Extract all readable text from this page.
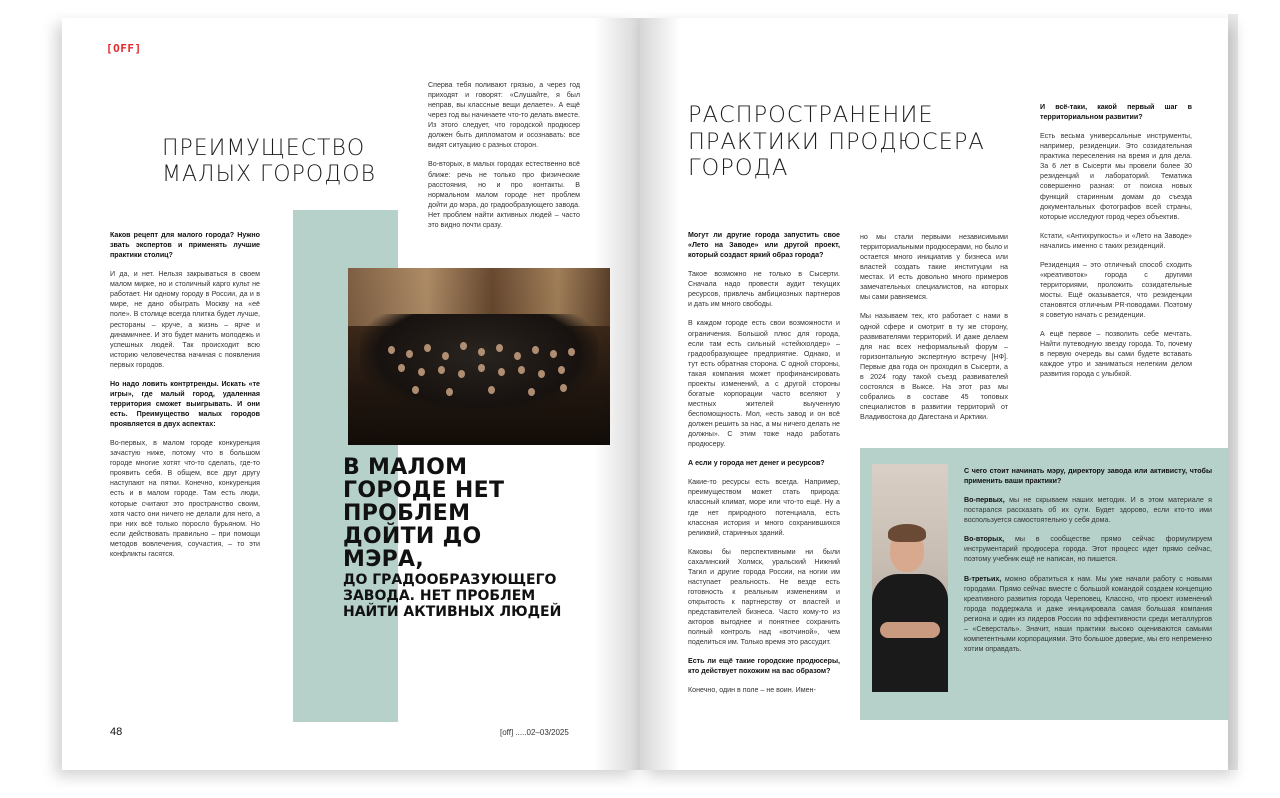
[OFF]
ПРЕИМУЩЕСТВО МАЛЫХ ГОРОДОВ

Каков рецепт для малого города? Нужно звать экспертов и применять лучшие практики столиц?

И да, и нет. Нельзя закрываться в своем малом мирке, но и столичный карго культ не работает. Ни одному городу в России, да и в мире, не дано обыграть Москву на «её поле». В столице всегда плитка будет лучше, рестораны – круче, а жизнь – ярче и динамичнее. И это будет манить молодежь и успешных людей. Так происходит всю историю человечества начиная с появления первых городов.

Но надо ловить контртренды. Искать «те игры», где малый город, удаленная территория сможет выигрывать. И они есть. Преимущество малых городов проявляется в двух аспектах:

Во-первых, в малом городе конкуренция зачастую ниже, потому что в большом городе многие хотят что-то сделать, где-то проявить себя. В общем, все друг другу наступают на пятки. Конечно, конкуренция есть и в малом городе. Там есть люди, которые считают это пространство своим, хотя часто они ничего не делали для него, а при них всё только поросло бурьяном. Но если действовать правильно – при помощи методов вовлечения, соучастия, – то эти конфликты гасятся.

Сперва тебя поливают грязью, а через год приходят и говорят: «Слушайте, я был неправ, вы классные вещи делаете». А ещё через год вы начинаете что-то делать вместе. Из этого следует, что городской продюсер должен быть дипломатом и осознавать: все видят ситуацию с разных сторон.

Во-вторых, в малых городах естественно всё ближе: речь не только про физические расстояния, но и про контакты. В нормальном малом городе нет проблем дойти до мэра, до градообразующего завода. Нет проблем найти активных людей – часто это видно почти сразу.

В МАЛОМ ГОРОДЕ НЕТ ПРОБЛЕМ ДОЙТИ ДО МЭРА,
ДО ГРАДООБРАЗУЮЩЕГО ЗАВОДА. НЕТ ПРОБЛЕМ НАЙТИ АКТИВНЫХ ЛЮДЕЙ
48	[off] .....02–03/2025
РАСПРОСТРАНЕНИЕ ПРАКТИКИ ПРОДЮСЕРА ГОРОДА

Могут ли другие города запустить свое «Лето на Заводе» или другой проект, который создаст яркий образ города?

Такое возможно не только в Сысерти. Сначала надо провести аудит текущих ресурсов, привлечь амбициозных партнеров и дать им много свободы.

В каждом городе есть свои возможности и ограничения. Большой плюс для города, если там есть сильный «стейкхолдер» – градообразующее предприятие. Однако, и тут есть обратная сторона. С одной стороны, такая компания может профинансировать проекты изменений, а с другой стороны богатые корпорации часто вселяют у местных жителей выученную беспомощность. Мол, «есть завод и он всё должен решить за нас, а мы ничего делать не должны». С этим тоже надо работать продюсеру.

А если у города нет денег и ресурсов?

Какие-то ресурсы есть всегда. Например, преимуществом может стать природа: классный климат, море или что-то ещё. Ну а где нет природного потенциала, есть классная история и много сохранившихся реликвий, старинных зданий.

Каковы бы перспективными ни были сахалинский Холмск, уральский Нижний Тагил и другие города России, на ногии им наступает реальность. Не везде есть готовность к реальным изменениям и открытость к партнерству от властей и представителей бизнеса. Часто кому-то из акторов выгоднее и понятнее сохранить полный контроль над «вотчиной», чем поделиться им. Только время это рассудит.

Есть ли ещё такие городские продюсеры, кто действует похожим на вас образом?

Конечно, один в поле – не воин. Имен-

но мы стали первыми независимыми территориальными продюсерами, но было и остается много инициатив у бизнеса или властей создать такие институции на местах. И есть довольно много примеров замечательных специалистов, на которых мы сами равняемся.

Мы называем тех, кто работает с нами в одной сфере и смотрит в ту же сторону, развивателями территорий. И даже делаем для нас всех неформальный форум – горизонтальную экспертную встречу [НФ]. Первые два года он проходил в Сысерти, а в 2024 году такой съезд развивателей состоялся в Выксе. На этот раз мы собрались в составе 45 топовых специалистов в развитии территорий от Владивостока до Дагестана и Арктики.

И всё-таки, какой первый шаг в территориальном развитии?

Есть весьма универсальные инструменты, например, резиденции. Это созидательная практика переселения на время и для дела. За 6 лет в Сысерти мы провели более 30 резиденций и лабораторий. Тематика совершенно разная: от поиска новых функций старинным домам до съезда документальных фотографов всей страны, которые исследуют город через объектив.

Кстати, «Антихрупкость» и «Лето на Заводе» начались именно с таких резиденций.

Резиденция – это отличный способ сходить «креативоток» города с другими территориями, проложить созидательные мосты. Ещё оказывается, что резиденции становятся отличным PR-поводами. Поэтому я советую начать с резиденции.

А ещё первое – позволить себе мечтать. Найти путеводную звезду города. То, почему в первую очередь вы сами будете вставать каждое утро и заниматься нелегким делом развития города с улыбкой.

С чего стоит начинать мэру, директору завода или активисту, чтобы применить ваши практики?

Во-первых, мы не скрываем наших методик. И в этом материале я постарался рассказать об их сути. Будет здорово, если кто-то ими воспользуется самостоятельно у себя дома.

Во-вторых, мы в сообществе прямо сейчас формулируем инструментарий продюсера города. Этот процесс идет прямо сейчас, поэтому учебник ещё не написан, но пишется.

В-третьих, можно обратиться к нам. Мы уже начали работу с новыми городами. Прямо сейчас вместе с большой командой создаем концепцию креативного развития города Череповец. Классно, что проект изменений города поддержала и даже инициировала самая большая компания региона и один из лидеров России по эффективности среди металлургов – «Северсталь». Значит, наши практики высоко оцениваются самыми компетентными корпорациями. Это большое доверие, мы его непременно хотим оправдать.
